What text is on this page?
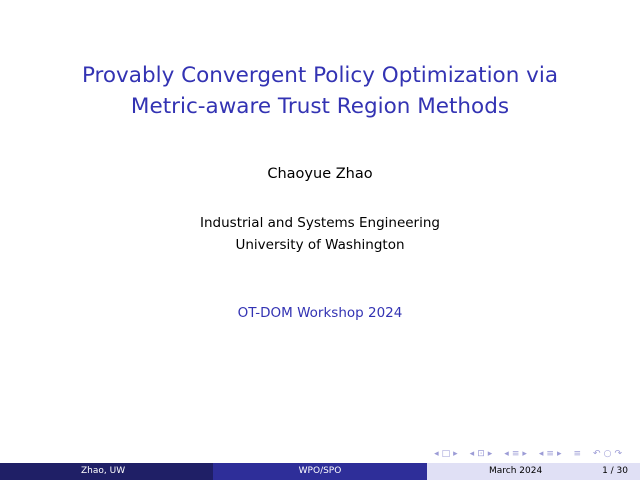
Provably Convergent Policy Optimization via
Metric-aware Trust Region Methods
Chaoyue Zhao
Industrial and Systems Engineering
University of Washington
OT-DOM Workshop 2024
◂ □ ▸ ◂ ⊡ ▸ ◂ ≡ ▸ ◂ ≡ ▸ ≡ ↶ ○ ↷
Zhao, UW	WPO/SPO	March 2024	1 / 30
